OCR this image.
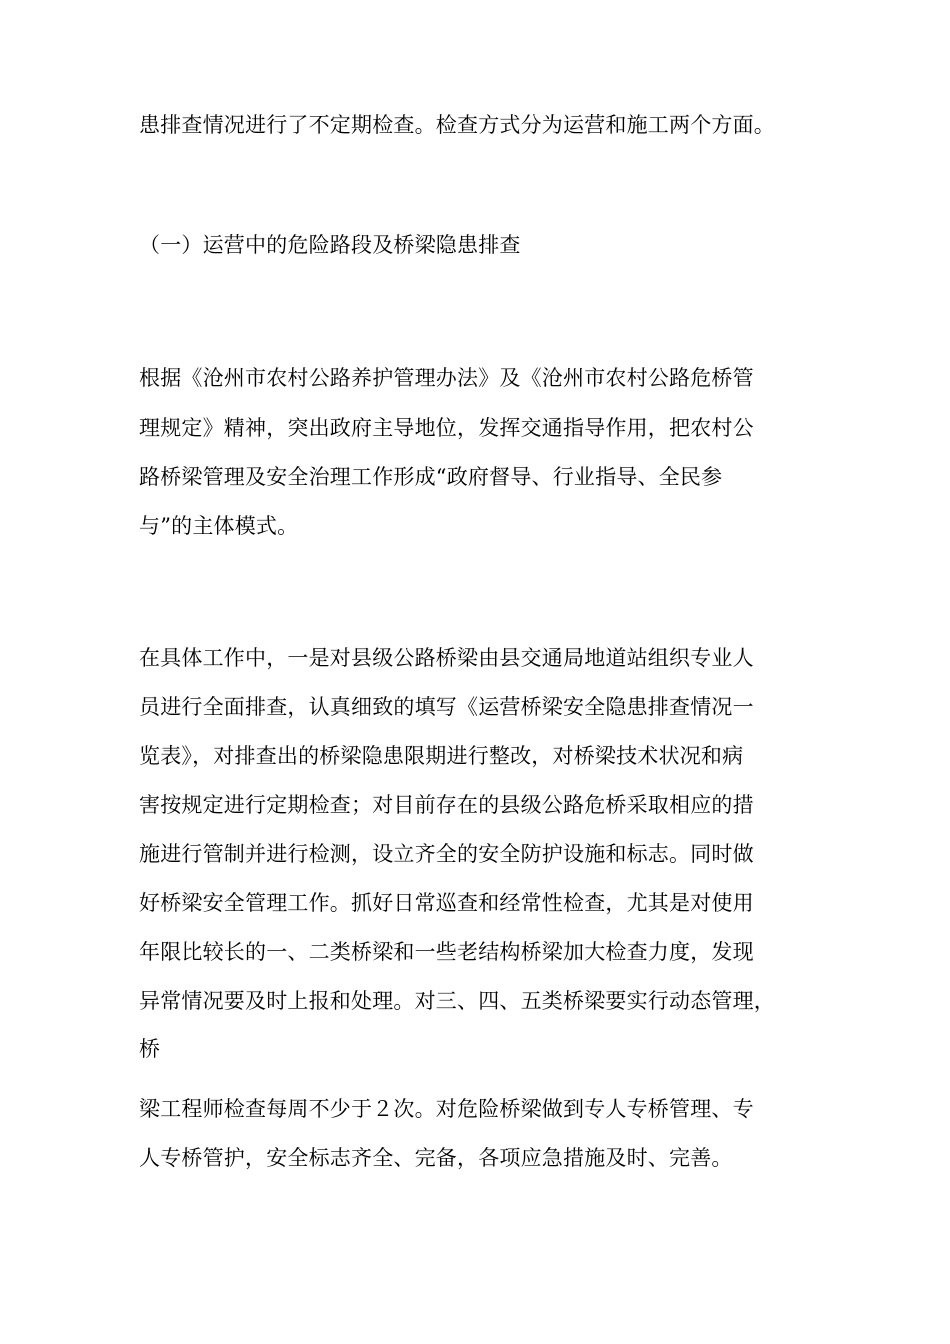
患排查情况进行了不定期检查。检查方式分为运营和施工两个方面。
（一）运营中的危险路段及桥梁隐患排查
根据《沧州市农村公路养护管理办法》及《沧州市农村公路危桥管
理规定》精神，突出政府主导地位，发挥交通指导作用，把农村公
路桥梁管理及安全治理工作形成“政府督导、行业指导、全民参
与”的主体模式。
在具体工作中，一是对县级公路桥梁由县交通局地道站组织专业人
员进行全面排查，认真细致的填写《运营桥梁安全隐患排查情况一
览表》，对排查出的桥梁隐患限期进行整改，对桥梁技术状况和病
害按规定进行定期检查；对目前存在的县级公路危桥采取相应的措
施进行管制并进行检测，设立齐全的安全防护设施和标志。同时做
好桥梁安全管理工作。抓好日常巡查和经常性检查，尤其是对使用
年限比较长的一、二类桥梁和一些老结构桥梁加大检查力度，发现
异常情况要及时上报和处理。对三、四、五类桥梁要实行动态管理，
桥
梁工程师检查每周不少于２次。对危险桥梁做到专人专桥管理、专
人专桥管护，安全标志齐全、完备，各项应急措施及时、完善。
